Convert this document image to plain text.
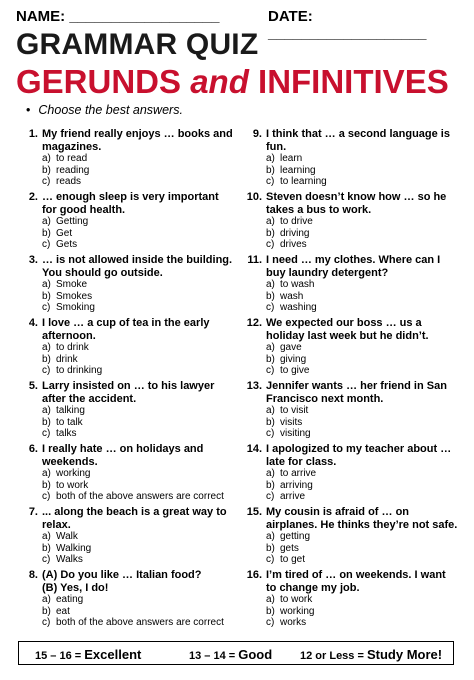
NAME: __________________	DATE: ___________________
GRAMMAR QUIZ
GERUNDS and INFINITIVES
• Choose the best answers.
1. My friend really enjoys … books and magazines.
a) to read
b) reading
c) reads
2. … enough sleep is very important for good health.
a) Getting
b) Get
c) Gets
3. … is not allowed inside the building. You should go outside.
a) Smoke
b) Smokes
c) Smoking
4. I love … a cup of tea in the early afternoon.
a) to drink
b) drink
c) to drinking
5. Larry insisted on … to his lawyer after the accident.
a) talking
b) to talk
c) talks
6. I really hate … on holidays and weekends.
a) working
b) to work
c) both of the above answers are correct
7. ... along the beach is a great way to relax.
a) Walk
b) Walking
c) Walks
8. (A) Do you like … Italian food?
(B) Yes, I do!
a) eating
b) eat
c) both of the above answers are correct
9. I think that … a second language is fun.
a) learn
b) learning
c) to learning
10. Steven doesn’t know how … so he takes a bus to work.
a) to drive
b) driving
c) drives
11. I need … my clothes. Where can I buy laundry detergent?
a) to wash
b) wash
c) washing
12. We expected our boss … us a holiday last week but he didn’t.
a) gave
b) giving
c) to give
13. Jennifer wants … her friend in San Francisco next month.
a) to visit
b) visits
c) visiting
14. I apologized to my teacher about … late for class.
a) to arrive
b) arriving
c) arrive
15. My cousin is afraid of … on airplanes. He thinks they’re not safe.
a) getting
b) gets
c) to get
16. I’m tired of … on weekends. I want to change my job.
a) to work
b) working
c) works
15 – 16 = Excellent	13 – 14 = Good	12 or Less = Study More!
